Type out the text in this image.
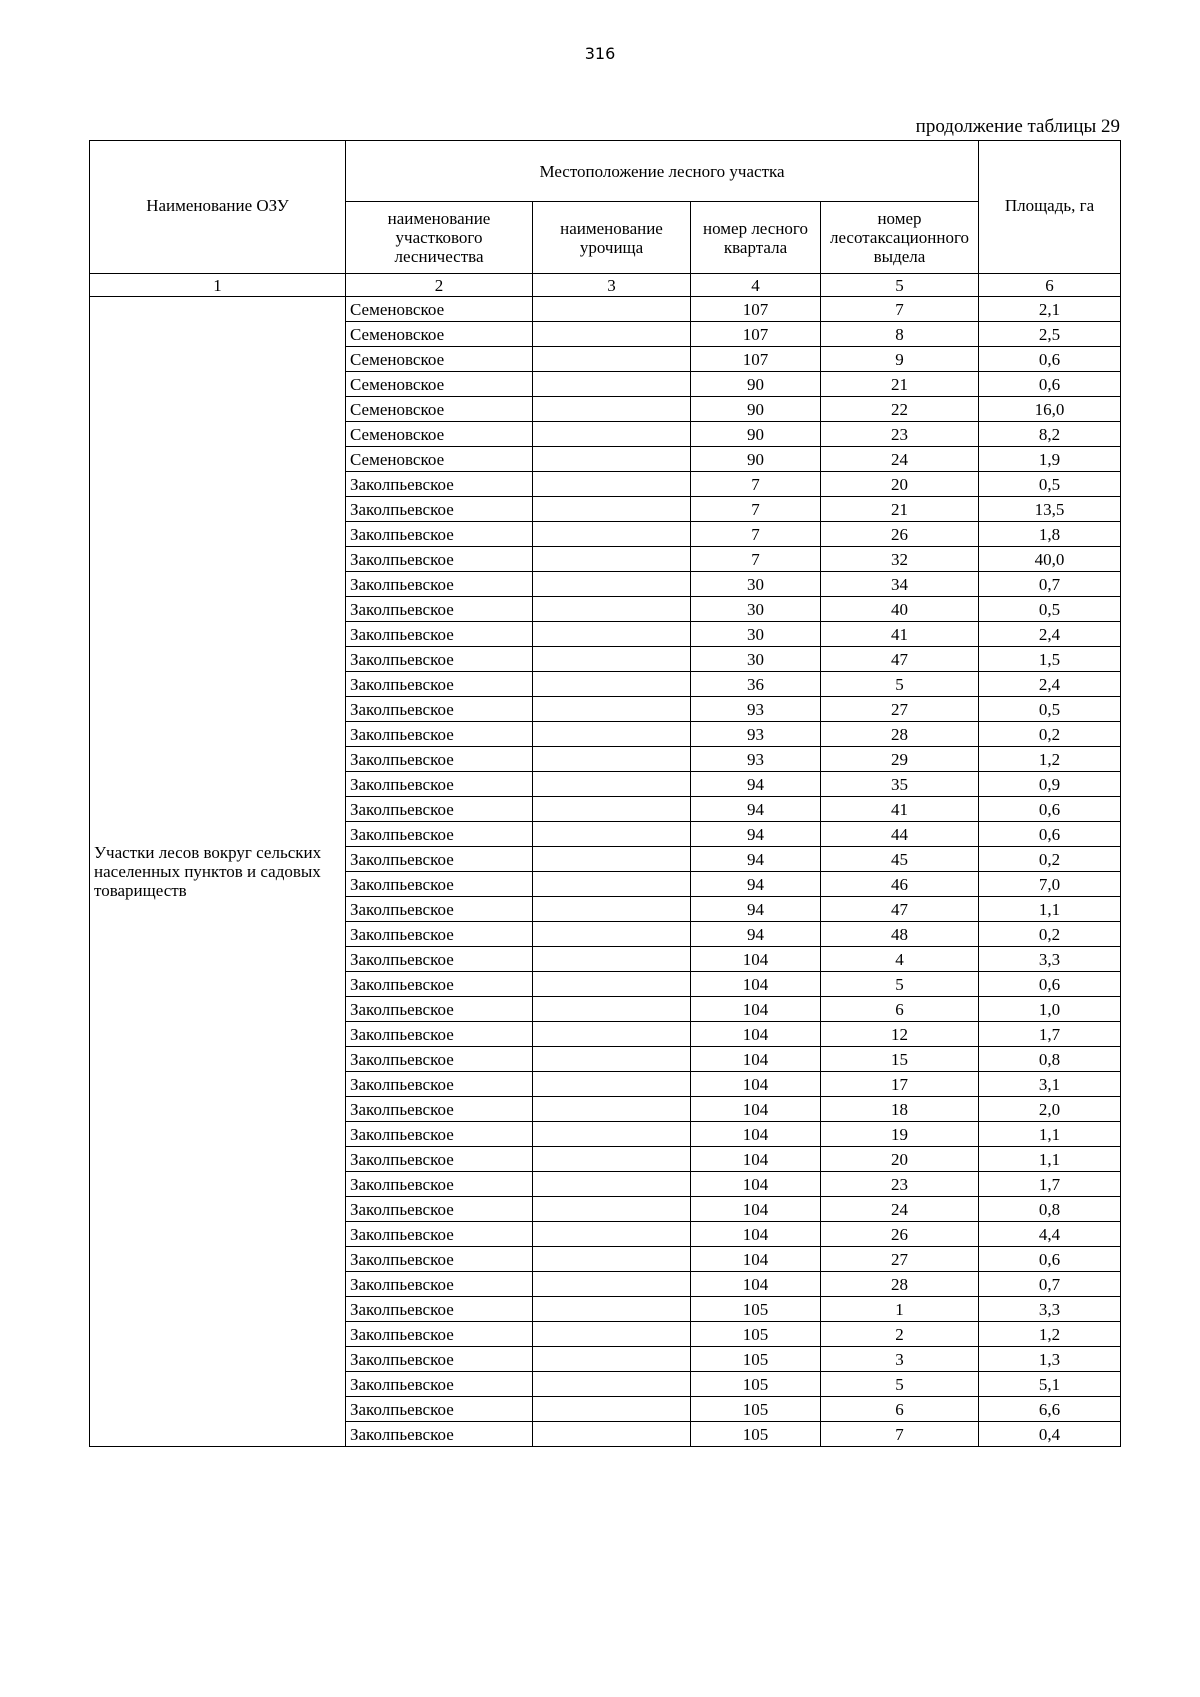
316
продолжение таблицы 29
Наименование ОЗУ	Местоположение лесного участка				Площадь, га
	наименование участкового лесничества	наименование урочища	номер лесного квартала	номер лесотаксационного выдела	
1	2	3	4	5	6
Участки лесов вокруг сельских населенных пунктов и садовых товариществ	Семеновское		107	7	2,1
	Семеновское		107	8	2,5
	Семеновское		107	9	0,6
	Семеновское		90	21	0,6
	Семеновское		90	22	16,0
	Семеновское		90	23	8,2
	Семеновское		90	24	1,9
	Заколпьевское		7	20	0,5
	Заколпьевское		7	21	13,5
	Заколпьевское		7	26	1,8
	Заколпьевское		7	32	40,0
	Заколпьевское		30	34	0,7
	Заколпьевское		30	40	0,5
	Заколпьевское		30	41	2,4
	Заколпьевское		30	47	1,5
	Заколпьевское		36	5	2,4
	Заколпьевское		93	27	0,5
	Заколпьевское		93	28	0,2
	Заколпьевское		93	29	1,2
	Заколпьевское		94	35	0,9
	Заколпьевское		94	41	0,6
	Заколпьевское		94	44	0,6
	Заколпьевское		94	45	0,2
	Заколпьевское		94	46	7,0
	Заколпьевское		94	47	1,1
	Заколпьевское		94	48	0,2
	Заколпьевское		104	4	3,3
	Заколпьевское		104	5	0,6
	Заколпьевское		104	6	1,0
	Заколпьевское		104	12	1,7
	Заколпьевское		104	15	0,8
	Заколпьевское		104	17	3,1
	Заколпьевское		104	18	2,0
	Заколпьевское		104	19	1,1
	Заколпьевское		104	20	1,1
	Заколпьевское		104	23	1,7
	Заколпьевское		104	24	0,8
	Заколпьевское		104	26	4,4
	Заколпьевское		104	27	0,6
	Заколпьевское		104	28	0,7
	Заколпьевское		105	1	3,3
	Заколпьевское		105	2	1,2
	Заколпьевское		105	3	1,3
	Заколпьевское		105	5	5,1
	Заколпьевское		105	6	6,6
	Заколпьевское		105	7	0,4
